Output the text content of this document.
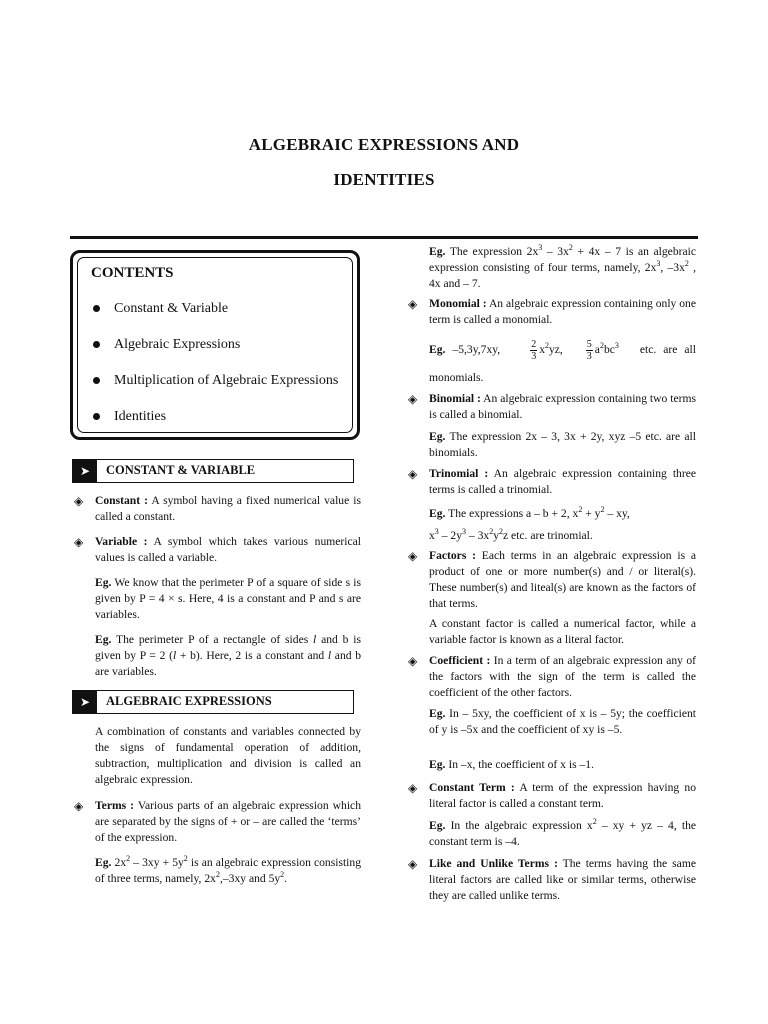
ALGEBRAIC EXPRESSIONS AND
IDENTITIES
CONTENTS
Constant & Variable
Algebraic Expressions
Multiplication of Algebraic Expressions
Identities
➤	CONSTANT & VARIABLE
◈ Constant : A symbol having a fixed numerical value is called a constant.
◈ Variable : A symbol which takes various numerical values is called a variable.
Eg. We know that the perimeter P of a square of side s is given by P = 4 × s. Here, 4 is a constant and P and s are variables.
Eg. The perimeter P of a rectangle of sides l and b is given by P = 2 (l + b). Here, 2 is a constant and l and b are variables.
➤	ALGEBRAIC EXPRESSIONS
A combination of constants and variables connected by the signs of fundamental operation of addition, subtraction, multiplication and division is called an algebraic expression.
◈ Terms : Various parts of an algebraic expression which are separated by the signs of + or – are called the ‘terms’ of the expression.
Eg. $2x^2 - 3xy + 5y^2$ is an algebraic expression consisting of three terms, namely, $2x^2,-3xy$ and $5y^2$.
Eg. The expression $2x^3 - 3x^2 + 4x - 7$ is an algebraic expression consisting of four terms, namely, $2x^3$, $-3x^2$ , 4x and – 7.
◈ Monomial : An algebraic expression containing only one term is called a monomial.
Eg. –5,3y,7xy,	$\frac{2}{3} x^2yz$, $\frac{5}{3} a^2bc^3$ etc. are all monomials.
◈ Binomial : An algebraic expression containing two terms is called a binomial.
Eg. The expression 2x – 3, 3x + 2y, xyz –5 etc. are all binomials.
◈ Trinomial : An algebraic expression containing three terms is called a trinomial.
Eg. The expressions a – b + 2, $x^2 + y^2$ – xy,
$x^3 - 2y^3 - 3x^2y^2z$ etc. are trinomial.
◈ Factors : Each terms in an algebraic expression is a product of one or more number(s) and / or literal(s). These number(s) and liteal(s) are known as the factors of that terms.
A constant factor is called a numerical factor, while a variable factor is known as a literal factor.
◈ Coefficient : In a term of an algebraic expression any of the factors with the sign of the term is called the coefficient of the other factors.
Eg. In – 5xy, the coefficient of x is – 5y; the coefficient of y is –5x and the coefficient of xy is –5.
Eg. In –x, the coefficient of x is –1.
◈ Constant Term : A term of the expression having no literal factor is called a constant term.
Eg. In the algebraic expression $x^2$ – xy + yz – 4, the constant term is –4.
◈ Like and Unlike Terms : The terms having the same literal factors are called like or similar terms, otherwise they are called unlike terms.
